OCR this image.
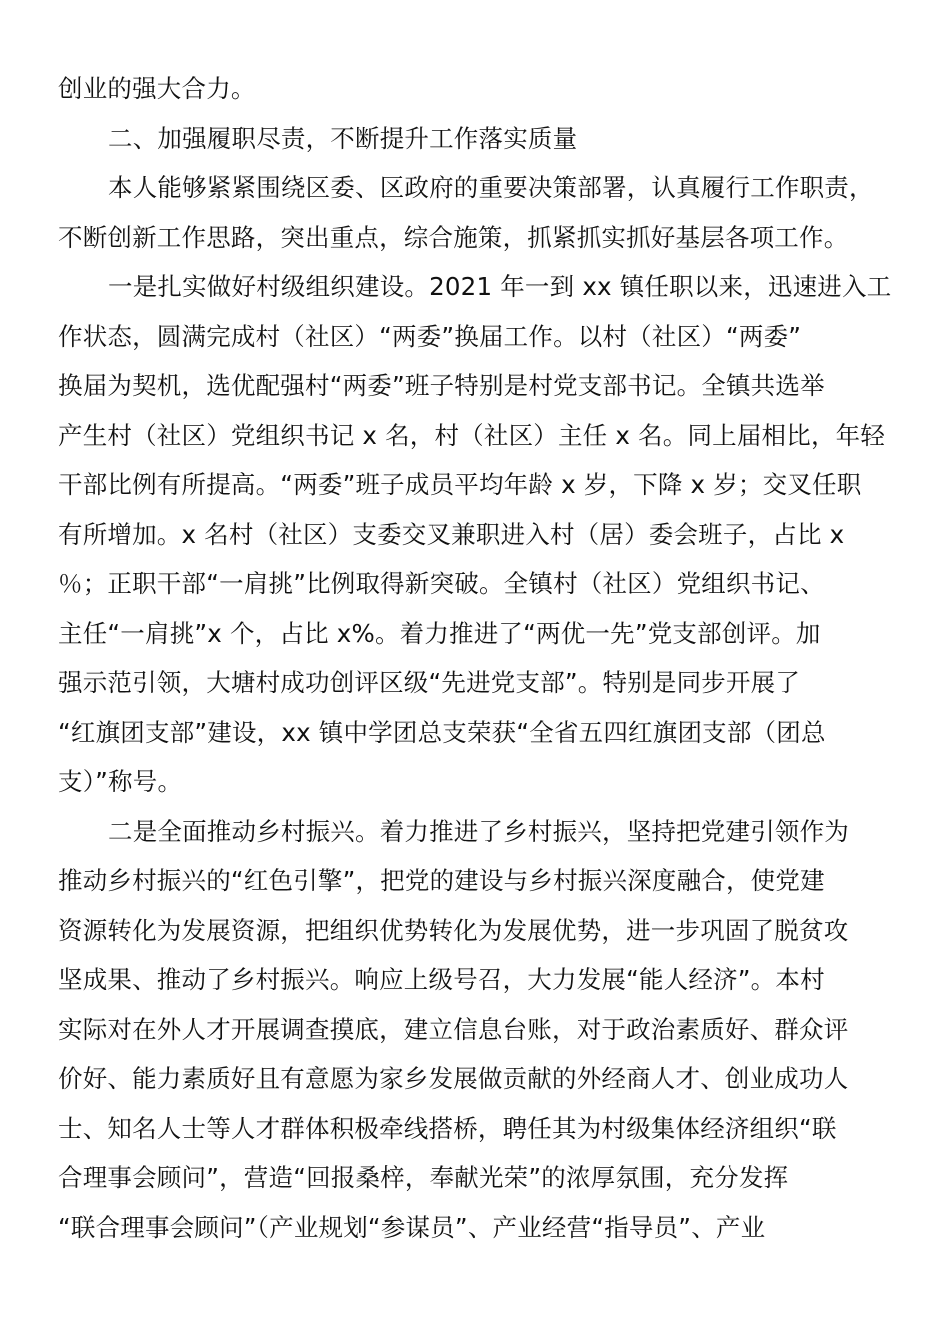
创业的强大合力。
二、加强履职尽责，不断提升工作落实质量
本人能够紧紧围绕区委、区政府的重要决策部署，认真履行工作职责，
不断创新工作思路，突出重点，综合施策，抓紧抓实抓好基层各项工作。
一是扎实做好村级组织建设。2021 年一到 xx 镇任职以来，迅速进入工
作状态，圆满完成村（社区）“两委”换届工作。以村（社区）“两委”
换届为契机，选优配强村“两委”班子特别是村党支部书记。全镇共选举
产生村（社区）党组织书记 x 名，村（社区）主任 x 名。同上届相比，年轻
干部比例有所提高。“两委”班子成员平均年龄 x 岁，下降 x 岁；交叉任职
有所增加。x 名村（社区）支委交叉兼职进入村（居）委会班子，占比 x
％；正职干部“一肩挑”比例取得新突破。全镇村（社区）党组织书记、
主任“一肩挑”x 个，占比 x%。着力推进了“两优一先”党支部创评。加
强示范引领，大塘村成功创评区级“先进党支部”。特别是同步开展了
“红旗团支部”建设，xx 镇中学团总支荣获“全省五四红旗团支部（团总
支）”称号。
二是全面推动乡村振兴。着力推进了乡村振兴，坚持把党建引领作为
推动乡村振兴的“红色引擎”，把党的建设与乡村振兴深度融合，使党建
资源转化为发展资源，把组织优势转化为发展优势，进一步巩固了脱贫攻
坚成果、推动了乡村振兴。响应上级号召，大力发展“能人经济”。本村
实际对在外人才开展调查摸底，建立信息台账，对于政治素质好、群众评
价好、能力素质好且有意愿为家乡发展做贡献的外经商人才、创业成功人
士、知名人士等人才群体积极牵线搭桥，聘任其为村级集体经济组织“联
合理事会顾问”，营造“回报桑梓，奉献光荣”的浓厚氛围，充分发挥
“联合理事会顾问”（产业规划“参谋员”、产业经营“指导员”、产业
